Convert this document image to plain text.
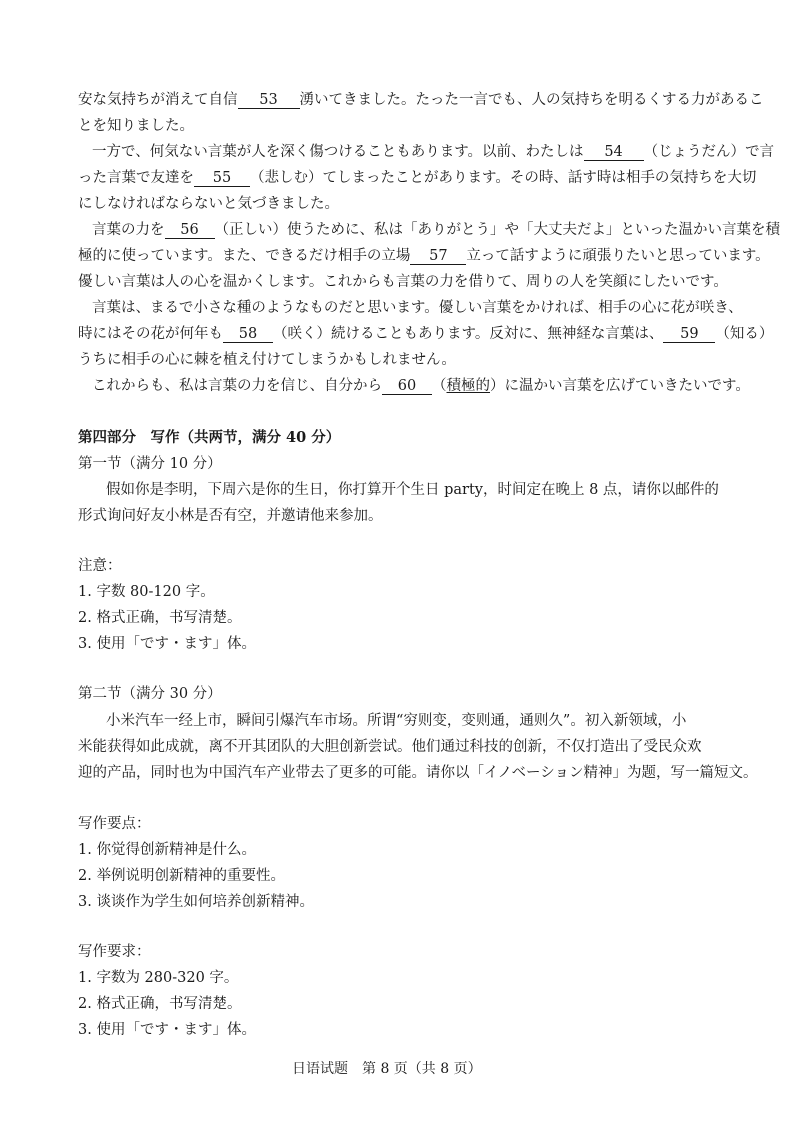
安な気持ちが消えて自信 53 湧いてきました。たった一言でも、人の気持ちを明るくする力があるこ
とを知りました。
一方で、何気ない言葉が人を深く傷つけることもあります。以前、わたしは 54 （じょうだん）で言
った言葉で友達を 55 （悲しむ）てしまったことがあります。その時、話す時は相手の気持ちを大切
にしなければならないと気づきました。
言葉の力を 56 （正しい）使うために、私は「ありがとう」や「大丈夫だよ」といった温かい言葉を積
極的に使っています。また、できるだけ相手の立場 57 立って話すように頑張りたいと思っています。
優しい言葉は人の心を温かくします。これからも言葉の力を借りて、周りの人を笑顔にしたいです。
言葉は、まるで小さな種のようなものだと思います。優しい言葉をかければ、相手の心に花が咲き、
時にはその花が何年も 58 （咲く）続けることもあります。反対に、無神経な言葉は、 59 （知る）
うちに相手の心に棘を植え付けてしまうかもしれません。
これからも、私は言葉の力を信じ、自分から 60 （積極的）に温かい言葉を広げていきたいです。
第四部分　写作（共两节，满分 40 分）
第一节（满分 10 分）
假如你是李明，下周六是你的生日，你打算开个生日 party，时间定在晚上 8 点，请你以邮件的
形式询问好友小林是否有空，并邀请他来参加。
注意：
1. 字数 80-120 字。
2. 格式正确，书写清楚。
3. 使用「です・ます」体。
第二节（满分 30 分）
小米汽车一经上市，瞬间引爆汽车市场。所谓“穷则变，变则通，通则久”。初入新领域，小
米能获得如此成就，离不开其团队的大胆创新尝试。他们通过科技的创新，不仅打造出了受民众欢
迎的产品，同时也为中国汽车产业带去了更多的可能。请你以「イノベーション精神」为题，写一篇短文。
写作要点：
1. 你觉得创新精神是什么。
2. 举例说明创新精神的重要性。
3. 谈谈作为学生如何培养创新精神。
写作要求：
1. 字数为 280-320 字。
2. 格式正确，书写清楚。
3. 使用「です・ます」体。
日语试题　第 8 页（共 8 页）
